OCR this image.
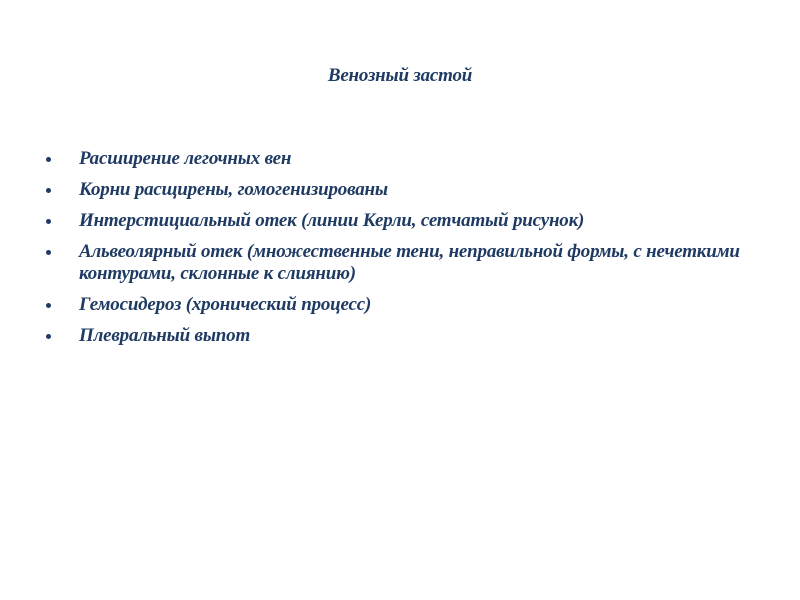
Венозный застой
Расширение легочных вен
Корни расщирены, гомогенизированы
Интерстициальный отек (линии Керли, сетчатый рисунок)
Альвеолярный отек (множественные тени, неправильной формы, с нечеткими контурами, склонные к слиянию)
Гемосидероз (хронический процесс)
Плевральный выпот
